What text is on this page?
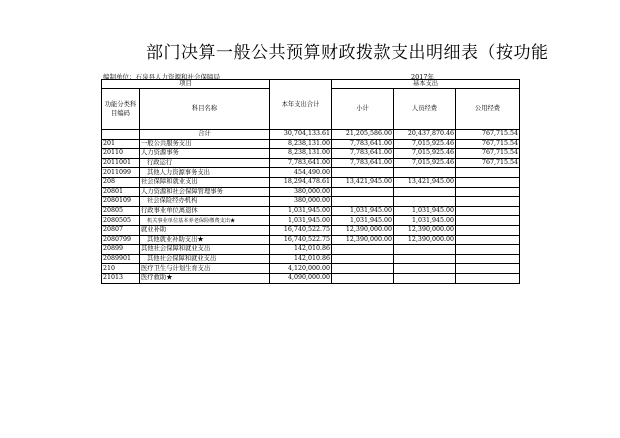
部门决算一般公共预算财政拨款支出明细表（按功能
编制单位：石泉县人力资源和社会保障局	2017年
项目		本年支出合计	基本支出		
功能分类科目编码	科目名称		小计	人员经费	公用经费

	合计	30,704,133.61	21,205,586.00	20,437,870.46	767,715.54
201	一般公共服务支出	8,238,131.00	7,783,641.00	7,015,925.46	767,715.54
20110	人力资源事务	8,238,131.00	7,783,641.00	7,015,925.46	767,715.54
2011001	行政运行	7,783,641.00	7,783,641.00	7,015,925.46	767,715.54
2011099	其他人力资源事务支出	454,490.00			
208	社会保障和就业支出	18,294,478.61	13,421,945.00	13,421,945.00	
20801	人力资源和社会保障管理事务	380,000.00			
2080109	社会保险经办机构	380,000.00			
20805	行政事业单位离退休	1,031,945.00	1,031,945.00	1,031,945.00	
2080505	机关事业单位基本养老保险缴费支出★	1,031,945.00	1,031,945.00	1,031,945.00	
20807	就业补助	16,740,522.75	12,390,000.00	12,390,000.00	
2080799	其他就业补助支出★	16,740,522.75	12,390,000.00	12,390,000.00	
20899	其他社会保障和就业支出	142,010.86			
2089901	其他社会保障和就业支出	142,010.86			
210	医疗卫生与计划生育支出	4,120,000.00			
21013	医疗救助★	4,090,000.00			
